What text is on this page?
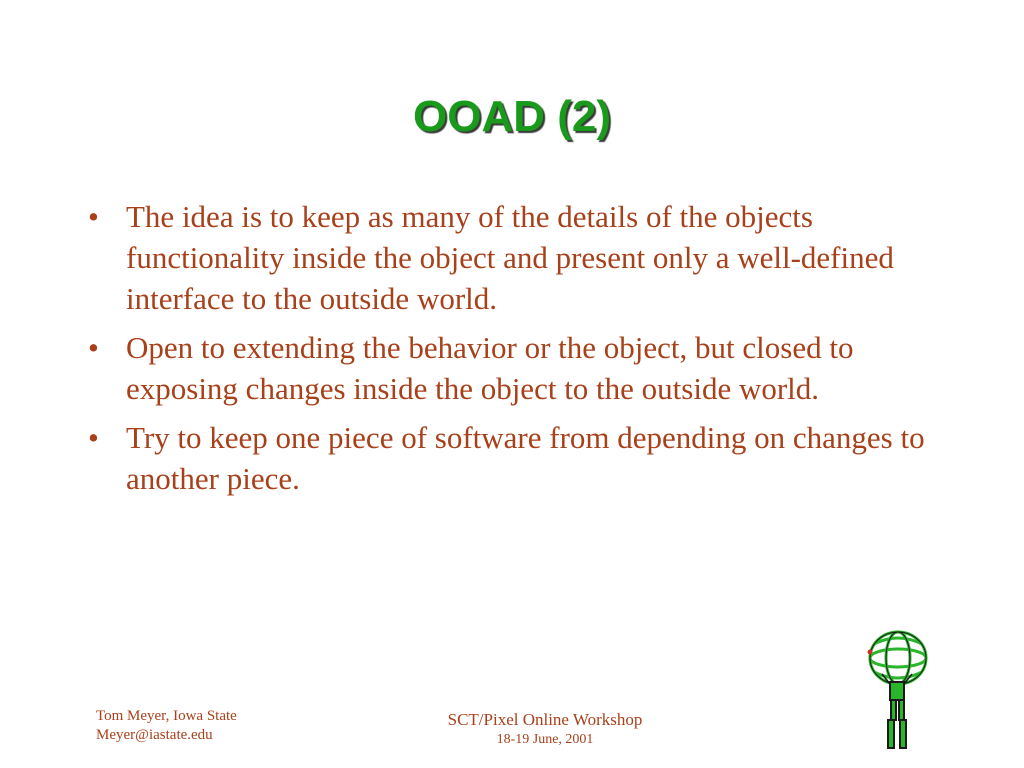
OOAD (2)
• The idea is to keep as many of the details of the objects functionality inside the object and present only a well-defined interface to the outside world.
• Open to extending the behavior or the object, but closed to exposing changes inside the object to the outside world.
• Try to keep one piece of software from depending on changes to another piece.
Tom Meyer, Iowa State
Meyer@iastate.edu
SCT/Pixel Online Workshop
18-19 June, 2001
